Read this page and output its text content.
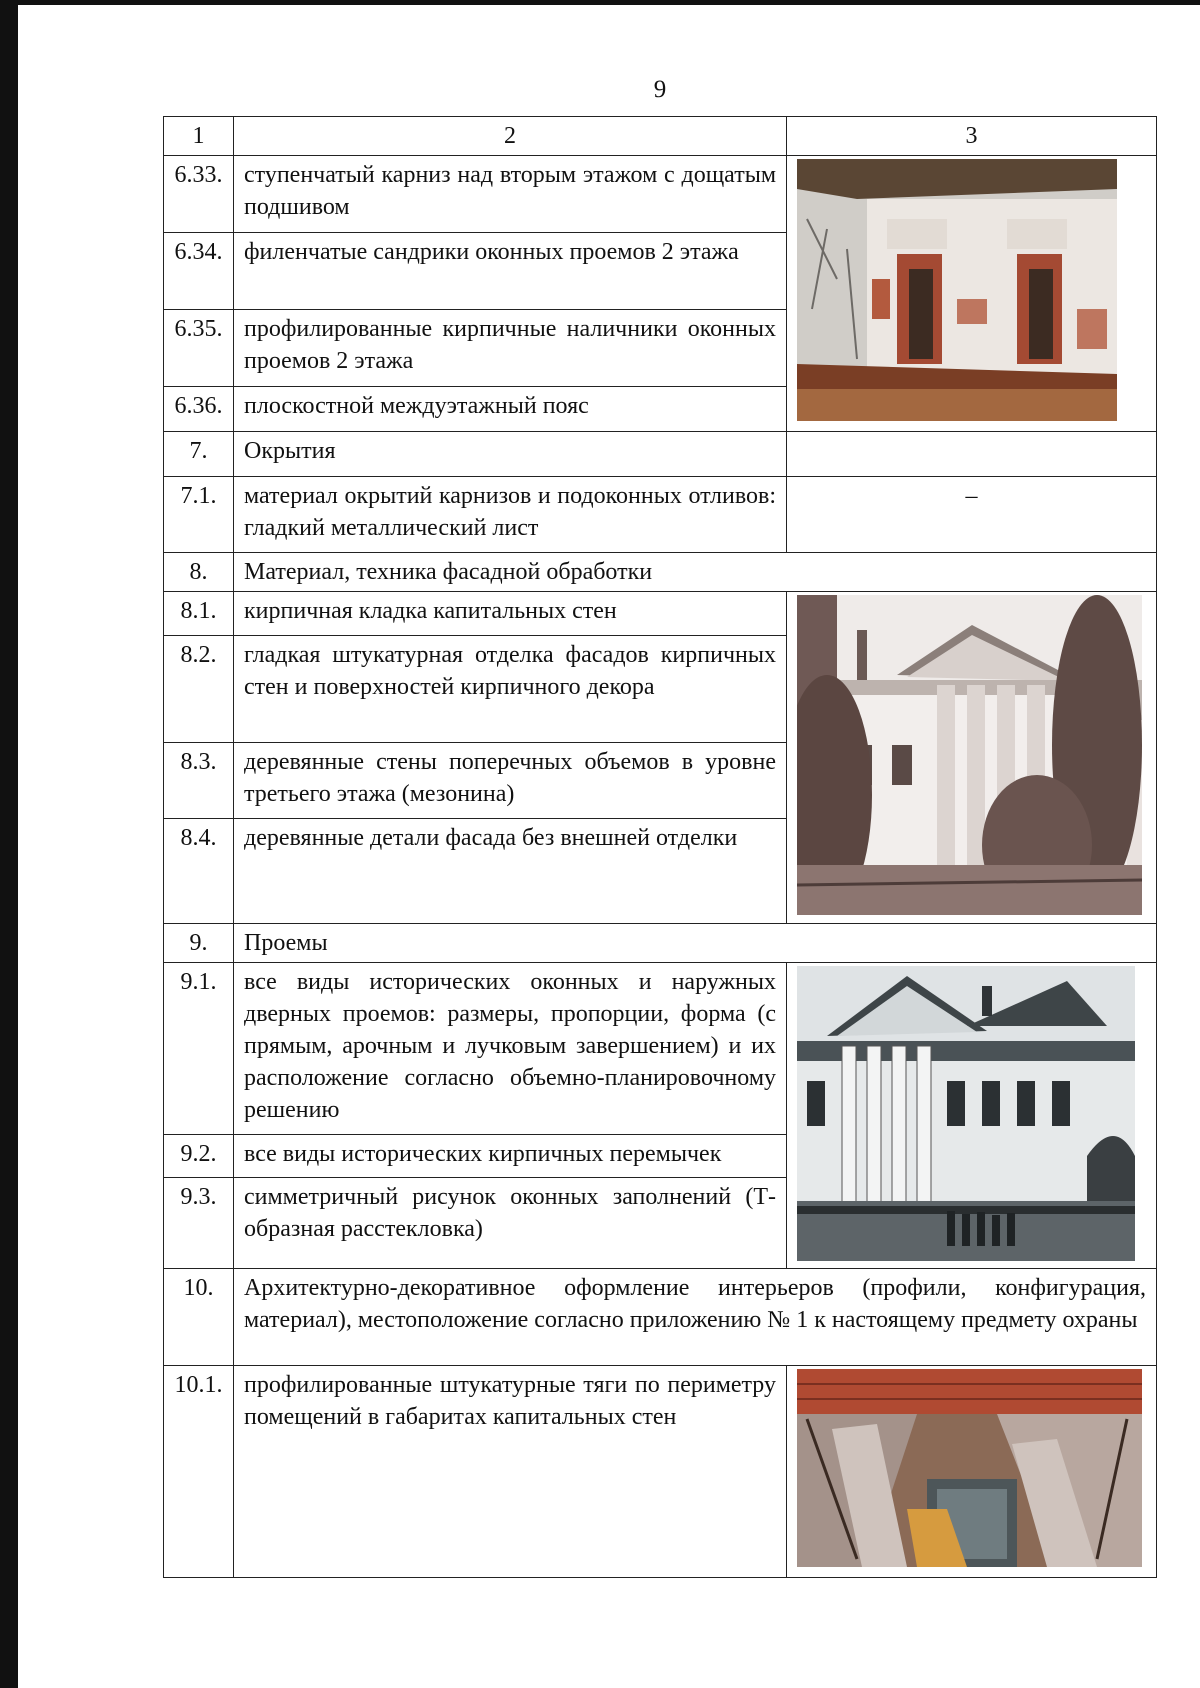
9
1	2	3
6.33.	ступенчатый карниз над вторым этажом с дощатым подшивом	

6.34.	филенчатые сандрики оконных проемов 2 этажа	
6.35.	профилированные кирпичные наличники оконных проемов 2 этажа	
6.36.	плоскостной междуэтажный пояс	
7.	Окрытия	
7.1.	материал окрытий карнизов и подоконных отливов: гладкий металлический лист	–
8.	Материал, техника фасадной обработки	
8.1.	кирпичная кладка капитальных стен	

8.2.	гладкая штукатурная отделка фасадов кирпичных стен и поверхностей кирпичного декора	
8.3.	деревянные стены поперечных объемов в уровне третьего этажа (мезонина)	
8.4.	деревянные детали фасада без внешней отделки	
9.	Проемы	
9.1.	все виды исторических оконных и наружных дверных проемов: размеры, пропорции, форма (с прямым, арочным и лучковым завершением) и их расположение согласно объемно-планировочному решению	

9.2.	все виды исторических кирпичных перемычек	
9.3.	симметричный рисунок оконных заполнений (Т- образная расстекловка)	
10.	Архитектурно-декоративное оформление интерьеров (профили, конфигурация, материал), местоположение согласно приложению № 1 к настоящему предмету охраны	
10.1.	профилированные штукатурные тяги по периметру помещений в габаритах капитальных стен	
